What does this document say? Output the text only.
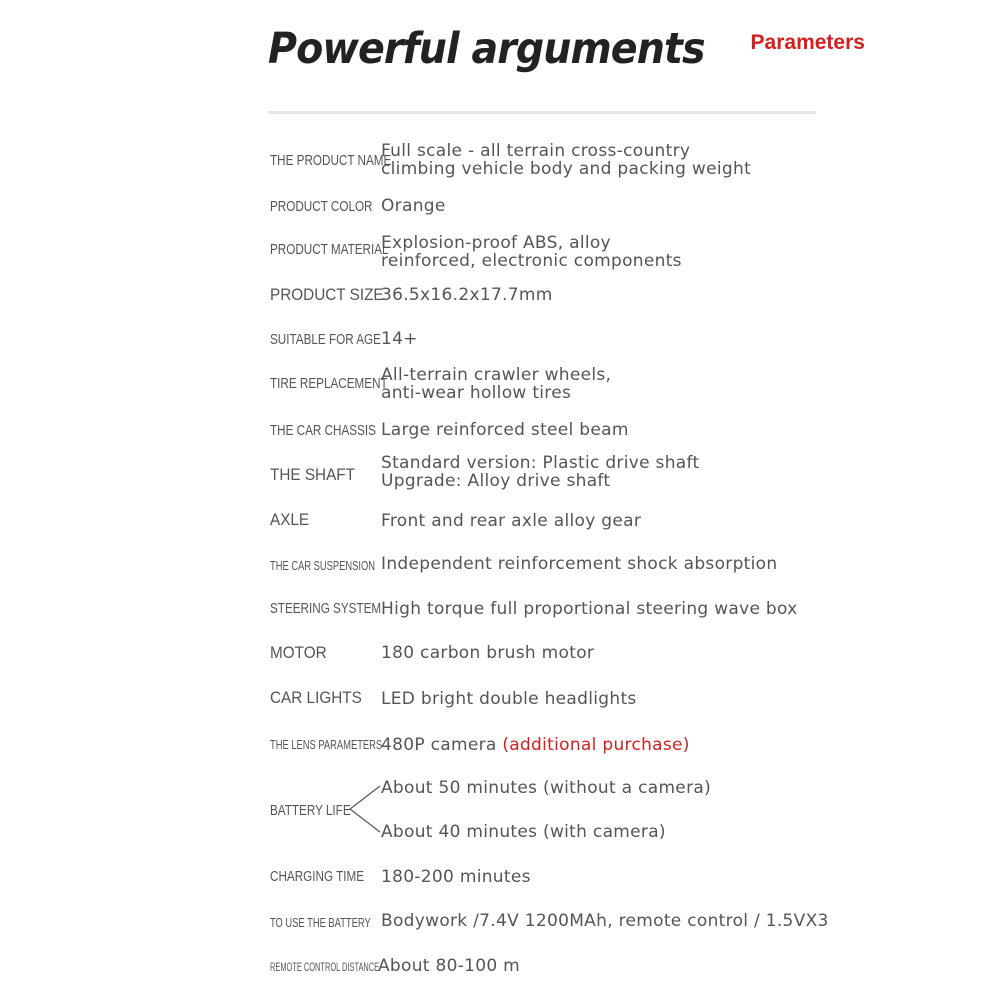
Powerful arguments Parameters
THE PRODUCT NAME
Full scale - all terrain cross-country
climbing vehicle body and packing weight
PRODUCT COLOR Orange
PRODUCT MATERIAL
Explosion-proof ABS, alloy
reinforced, electronic components
PRODUCT SIZE
36.5x16.2x17.7mm
SUITABLE FOR AGE 14+
TIRE REPLACEMENT
All-terrain crawler wheels,
anti-wear hollow tires
THE CAR CHASSIS Large reinforced steel beam
THE SHAFT
Standard version: Plastic drive shaft
Upgrade: Alloy drive shaft
AXLE	Front and rear axle alloy gear
THE CAR SUSPENSION Independent reinforcement shock absorption
STEERING SYSTEM High torque full proportional steering wave box
MOTOR	180 carbon brush motor
CAR LIGHTS LED bright double headlights
THE LENS PARAMETERS
480P camera (additional purchase)
BATTERY LIFE
About 50 minutes (without a camera)
About 40 minutes (with camera)
CHARGING TIME 180-200 minutes
TO USE THE BATTERY Bodywork /7.4V 1200MAh, remote control / 1.5VX3
REMOTE CONTROL DISTANCE
About 80-100 m
